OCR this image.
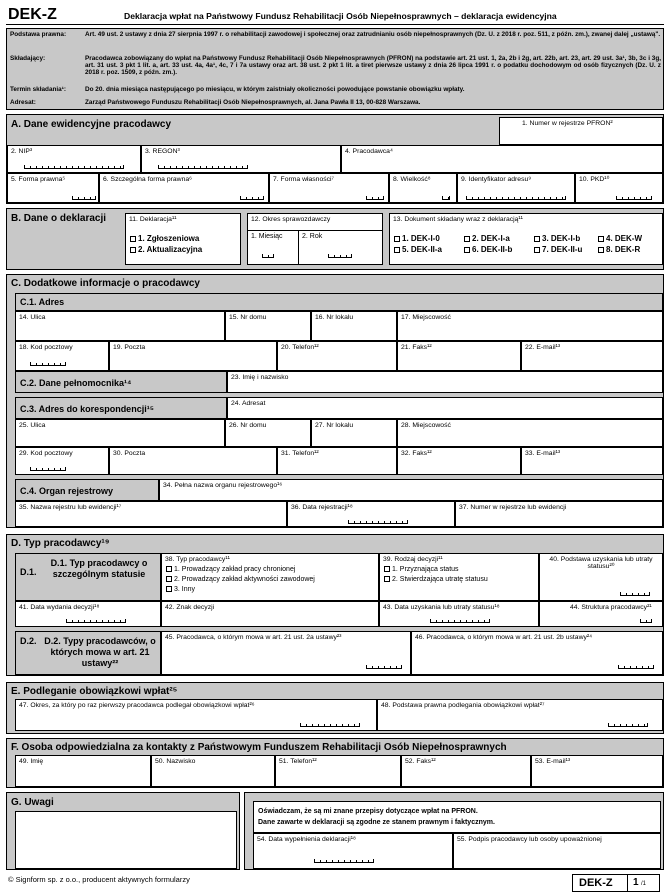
DEK-Z	Deklaracja wpłat na Państwowy Fundusz Rehabilitacji Osób Niepełnosprawnych – deklaracja ewidencyjna
Podstawa prawna:	Art. 49 ust. 2 ustawy z dnia 27 sierpnia 1997 r. o rehabilitacji zawodowej i społecznej oraz zatrudnianiu osób niepełnosprawnych (Dz. U. z 2018 r. poz. 511, z późn. zm.), zwanej dalej „ustawą".
Składający:	Pracodawca zobowiązany do wpłat na Państwowy Fundusz Rehabilitacji Osób Niepełnosprawnych (PFRON) na podstawie art. 21 ust. 1, 2a, 2b i 2g, art. 22b, art. 23, art. 29 ust. 3a¹, 3b, 3c i 3g, art. 31 ust. 3 pkt 1 lit. a, art. 33 ust. 4a, 4a¹, 4c, 7 i 7a ustawy oraz art. 38 ust. 2 pkt 1 lit. a tiret pierwsze ustawy z dnia 26 lipca 1991 r. o podatku dochodowym od osób fizycznych (Dz. U. z 2018 r. poz. 1509, z późn. zm.).
Termin składania¹:	Do 20. dnia miesiąca następującego po miesiącu, w którym zaistniały okoliczności powodujące powstanie obowiązku wpłaty.
Adresat:	Zarząd Państwowego Funduszu Rehabilitacji Osób Niepełnosprawnych, al. Jana Pawła II 13, 00-828 Warszawa.
A. Dane ewidencyjne pracodawcy	1. Numer w rejestrze PFRON²
2. NIP³	3. REGON³	4. Pracodawca⁴
5. Forma prawna⁵	6. Szczególna forma prawna⁶	7. Forma własności⁷	8. Wielkość⁸	9. Identyfikator adresu⁹	10. PKD¹⁰
B. Dane o deklaracji	11. Deklaracja¹¹
1. Zgłoszeniowa
2. Aktualizacyjna
12. Okres sprawozdawczy
1. Miesiąc	2. Rok
13. Dokument składany wraz z deklaracją¹¹
1. DEK-I-0	2. DEK-I-a	3. DEK-I-b	4. DEK-W
5. DEK-II-a	6. DEK-II-b	7. DEK-II-u	8. DEK-R
C. Dodatkowe informacje o pracodawcy
C.1. Adres
14. Ulica	15. Nr domu	16. Nr lokalu	17. Miejscowość
18. Kod pocztowy	19. Poczta	20. Telefon¹²	21. Faks¹²	22. E-mail¹³
C.2. Dane pełnomocnika¹⁴
23. Imię i nazwisko
C.3. Adres do korespondencji¹⁵
24. Adresat
25. Ulica	26. Nr domu	27. Nr lokalu	28. Miejscowość
29. Kod pocztowy	30. Poczta	31. Telefon¹²	32. Faks¹²	33. E-mail¹³
C.4. Organ rejestrowy
34. Pełna nazwa organu rejestrowego¹⁶
35. Nazwa rejestru lub ewidencji¹⁷	36. Data rejestracji¹⁸	37. Numer w rejestrze lub ewidencji
D. Typ pracodawcy¹⁹
D.1.
D.1. Typ pracodawcy o szczególnym statusie
38. Typ pracodawcy¹¹
1. Prowadzący zakład pracy chronionej
2. Prowadzący zakład aktywności zawodowej
3. Inny
39. Rodzaj decyzji¹¹
1. Przyznająca status
2. Stwierdzająca utratę statusu
40. Podstawa uzyskania lub utraty statusu²⁰
41. Data wydania decyzji¹⁸	42. Znak decyzji	43. Data uzyskania lub utraty statusu¹⁸	44. Struktura pracodawcy²¹
D.2. D.2. Typy pracodawców, o których mowa w art. 21 ustawy²²
45. Pracodawca, o którym mowa w art. 21 ust. 2a ustawy²³	46. Pracodawca, o którym mowa w art. 21 ust. 2b ustawy²⁴
E. Podleganie obowiązkowi wpłat²⁵
47. Okres, za który po raz pierwszy pracodawca podlegał obowiązkowi wpłat²⁶	48. Podstawa prawna podlegania obowiązkowi wpłat²⁷
F. Osoba odpowiedzialna za kontakty z Państwowym Funduszem Rehabilitacji Osób Niepełnosprawnych
49. Imię	50. Nazwisko	51. Telefon¹²	52. Faks¹²	53. E-mail¹³
G. Uwagi
Oświadczam, że są mi znane przepisy dotyczące wpłat na PFRON.
Dane zawarte w deklaracji są zgodne ze stanem prawnym i faktycznym.
54. Data wypełnienia deklaracji¹⁸	55. Podpis pracodawcy lub osoby upoważnionej
© Signform sp. z o.o., producent aktywnych formularzy	DEK-Z 1 /1
